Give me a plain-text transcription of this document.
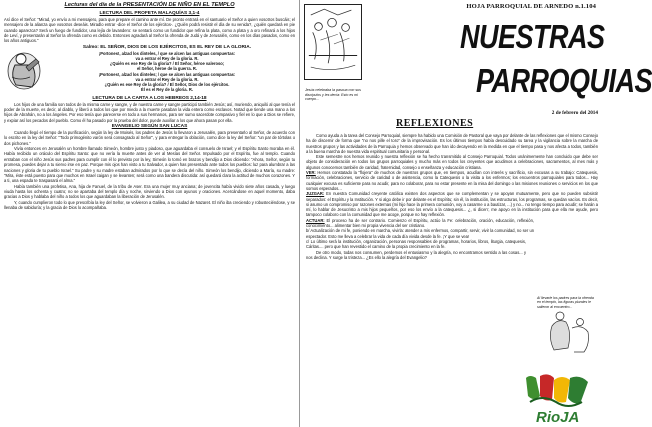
Lecturas del día de la PRESENTACIÓN DE NIÑO EN EL TEMPLO
LECTURA DEL PROFETA MALAQUÍAS 3,1-4

Así dice el Señor: "Mirad, yo envío a mi mensajero, para que prepare el camino ante mí. De pronto entrará en el santuario el Señor a quien vosotros buscáis; el mensajero de la alianza que vosotros deseáis. Miradlo entrar -dice el Señor de los ejércitos-. ¿Quién podrá resistir el día de su venida?, ¿quién quedará en pie cuando aparezca? Será un fuego de fundidor, una lejía de lavandero: se sentará como un fundidor que refina la plata, como a plata y a oro refinará a los hijos de Leví, y presentarán al Señor la ofrenda como es debido. Entonces agradará al Señor la ofrenda de Judá y de Jerusalén, como en los días pasados, como en los años antiguos."

Salmo: EL SEÑOR, DIOS DE LOS EJÉRCITOS, ES EL REY DE LA GLORIA.
¡Portones!, alzad los dinteles, / que se alcen las antiguas compuertas:
va a entrar el Rey de la gloria. R.
¿Quién es ese Rey de la gloria? / El Señor, héroe valeroso;
el Señor, héroe de la guerra. R.
¡Portones!, alzad los dinteles; / que se alcen las antiguas compuertas:
va a entrar el Rey de la gloria. R.
¿Quién es ese Rey de la gloria? / El Señor, Dios de los ejércitos.
Él es el Rey de la gloria. R.
LECTURA DE LA CARTA A LOS HEBREOS 2,14-18

Los hijos de una familia son todos de la misma carne y sangre, y de nuestra carne y sangre participó también Jesús; así, muriendo, aniquiló al que tenía el poder de la muerte, es decir, al diablo, y liberó a todos los que por miedo a la muerte pasaban la vida entera como esclavos. Notad que tiende una mano a los hijos de Abrahán, no a los ángeles. Por eso tenía que parecerse en todo a sus hermanos, para ser sumo sacerdote compasivo y fiel en lo que a Dios se refiere, y expiar así los pecados del pueblo. Como él ha pasado por la prueba del dolor, puede auxiliar a los que ahora pasan por ella.

EVANGELIO SEGÚN SAN LUCAS

Cuando llegó el tiempo de la purificación, según la ley de Moisés, los padres de Jesús lo llevaron a Jerusalén, para presentarlo al Señor, de acuerdo con lo escrito en la ley del Señor: "Todo primogénito varón será consagrado al Señor", y para entregar la oblación, como dice la ley del Señor: "un par de tórtolas o dos pichones."

Vivía entonces en Jerusalén un hombre llamado Simeón, hombre justo y piadoso, que aguardaba el consuelo de Israel; y el Espíritu Santo moraba en él. Había recibido un oráculo del Espíritu Santo: que no vería la muerte antes de ver al Mesías del Señor. Impulsado por el Espíritu, fue al templo. Cuando entraban con el niño Jesús sus padres para cumplir con él lo previsto por la ley, Simeón lo tomó en brazos y bendijo a Dios diciendo: "Ahora, Señor, según tu promesa, puedes dejar a tu siervo irse en paz. Porque mis ojos han visto a tu Salvador, a quien has presentado ante todos los pueblos: luz para alumbrar a las naciones y gloria de tu pueblo Israel." Su padre y su madre estaban admirados por lo que se decía del niño. Simeón los bendijo, diciendo a María, su madre: "Mira, éste está puesto para que muchos en Israel caigan y se levanten; será como una bandera discutida: así quedará clara la actitud de muchos corazones. Y a ti, una espada te traspasará el alma."

Había también una profetisa, Ana, hija de Fanuel, de la tribu de Aser. Era una mujer muy anciana; de jovencita había vivido siete años casada, y luego viuda hasta los ochenta y cuatro; no se apartaba del templo día y noche, sirviendo a Dios con ayunos y oraciones. Acercándose en aquel momento, daba gracias a Dios y hablaba del niño a todos los que aguardaban la liberación de Jerusalén.

Y, cuando cumplieron todo lo que prescribía la ley del Señor, se volvieron a Galilea, a su ciudad de Nazaret. El niño iba creciendo y robusteciéndose, y se llenaba de sabiduría; y la gracia de Dios lo acompañaba.

Jesús celebraba la pascua con sus discípulos y les decía: Esto es mi cuerpo...
HOJA PARROQUIAL DE ARNEDO n.1.104
NUESTRAS
PARROQUIAS
2 de febrero del 2014
REFLEXIONES

Como ayuda a la tarea del Consejo Parroquial, siempre ha habido una Comisión de Pastoral que vaya por delante de las reflexiones que el mismo Consejo ha de discernir de forma que "no nos pille el toro" de la improvisación. Es los últimos tiempos había descuidado su tarea y la vigilancia sobre la marcha de nuestros grupos y las actividades de la Parroquia y hemos observado que han ido decayendo en la medida en que el tiempo pasa y nos afecta a todos, también a la buena marcha de nuestra vida espiritual comunitaria y personal.

Este semestre nos hemos reunido y nuestra reflexión se ha hecho transmitido al Consejo Parroquial. Todos unánimemente han concluido que debe ser objeto de consideración en todos los grupos parroquiales y mucho más en todos los creyentes que acudimos a celebraciones, sacramentos, al mes más y algunos conocemos también de caridad, fraternidad, consejo o enseñanza y educación cristiana.

VER: Hemos constatado la "flojera" de muchos de nuestros grupos que, en tiempos, acudían con interés y sacrificio, sin excusas a su trabajo: Catequesis, formación, celebraciones, servicio de caridad o de asistencia, como la Catequesis o la visita a los enfermos; los encuentros parroquiales para todos... Hay cualquier excusa es suficiente para no acudir, para no colaborar, para no estar presente en la misa del domingo o las misiones reuniones o servicios en los que somos esperados...

JUZGAR: En nuestra Comunidad creyente católica existen dos aspectos que se complementan y se apoyan mutuamente, pero que no pueden subsistir separados: el Espíritu y la Institución. Y si algo debe ir por delante es el Espíritu; sin él, la institución, las estructuras, los programas, se quedan vacíos. Es decir, si asumo un compromiso por razones externas (mi hijo hace la primera comunión, voy a casarme o a bautizar, ...) y no... no tengo tiempo para acudir; se harán a mí, lo hablar de Jesucristo a mis hijos pequeños, por eso los envío a la catequesis... ¿, si dicen', me apoyo en la institución para que ella me ayude, pero tampoco colaboro con la comunidad que me acoge, porque no hay reflexión.

ACTUAR: El proceso ha de ser contrario. Comienzo el Espíritu, actúo la Fe: celebración, oración, educación, reflexión, conocimiento... alimentar bien mi propia vivencia del ser cristiano.

b/ Actualización de mi fe, poniendo en marcha, vivirla: atender a mis enfermos, compartir, servir, vivir la comunidad, no ser un espectador. Esto me lleva a celebrar la vida de cada día vivida desde la fe. ¡Y que se vea!

c/ Lo último será la institución, organización, personas responsables de programas, horarios, libros, liturgia, catequesis, Cáritas.... pero que han revestido el camino de la propia crecimiento en la fe.

De otro modo, todas nos consumen, perdemos el entusiasmo y la alegría, no encontramos sentido a las cosas... y nos declina. Y surge la tristeza... ¿Es ello la alegría del Evangelio?

Al llevarle los padres para la ofrenda en el templo, las figuras plurales le salieron al encuentro...
RioJA
